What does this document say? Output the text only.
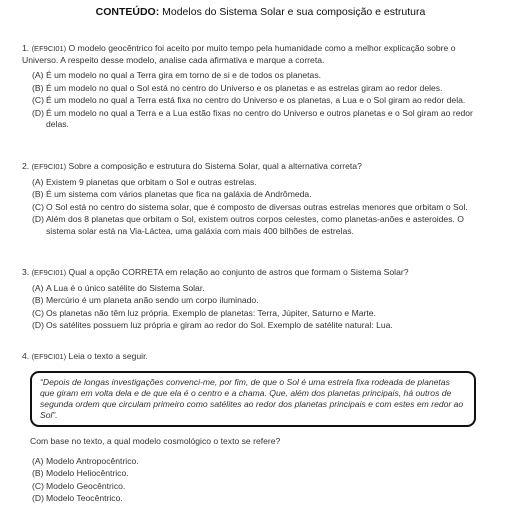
CONTEÚDO: Modelos do Sistema Solar e sua composição e estrutura

1. (EF9CI01) O modelo geocêntrico foi aceito por muito tempo pela humanidade como a melhor explicação sobre o Universo. A respeito desse modelo, analise cada afirmativa e marque a correta.

(A) É um modelo no qual a Terra gira em torno de si e de todos os planetas.
(B) É um modelo no qual o Sol está no centro do Universo e os planetas e as estrelas giram ao redor deles.
(C) É um modelo no qual a Terra está fixa no centro do Universo e os planetas, a Lua e o Sol giram ao redor dela.
(D) É um modelo no qual a Terra e a Lua estão fixas no centro do Universo e outros planetas e o Sol giram ao redor delas.

2. (EF9CI01) Sobre a composição e estrutura do Sistema Solar, qual a alternativa correta?

(A) Existem 9 planetas que orbitam o Sol e outras estrelas.
(B) É um sistema com vários planetas que fica na galáxia de Andrômeda.
(C) O Sol está no centro do sistema solar, que é composto de diversas outras estrelas menores que orbitam o Sol.
(D) Além dos 8 planetas que orbitam o Sol, existem outros corpos celestes, como planetas-anões e asteroides. O sistema solar está na Via-Láctea, uma galáxia com mais 400 bilhões de estrelas.

3. (EF9CI01) Qual a opção CORRETA em relação ao conjunto de astros que formam o Sistema Solar?

(A) A Lua é o único satélite do Sistema Solar.
(B) Mercúrio é um planeta anão sendo um corpo iluminado.
(C) Os planetas não têm luz própria. Exemplo de planetas: Terra, Júpiter, Saturno e Marte.
(D) Os satélites possuem luz própria e giram ao redor do Sol. Exemplo de satélite natural: Lua.

4. (EF9CI01) Leia o texto a seguir.

“Depois de longas investigações convenci-me, por fim, de que o Sol é uma estrela fixa rodeada de planetas que giram em volta dela e de que ela é o centro e a chama. Que, além dos planetas principais, há outros de segunda ordem que circulam primeiro como satélites ao redor dos planetas principais e com estes em redor ao Sol”.

Com base no texto, a qual modelo cosmológico o texto se refere?

(A) Modelo Antropocêntrico.
(B) Modelo Heliocêntrico.
(C) Modelo Geocêntrico.
(D) Modelo Teocêntrico.
